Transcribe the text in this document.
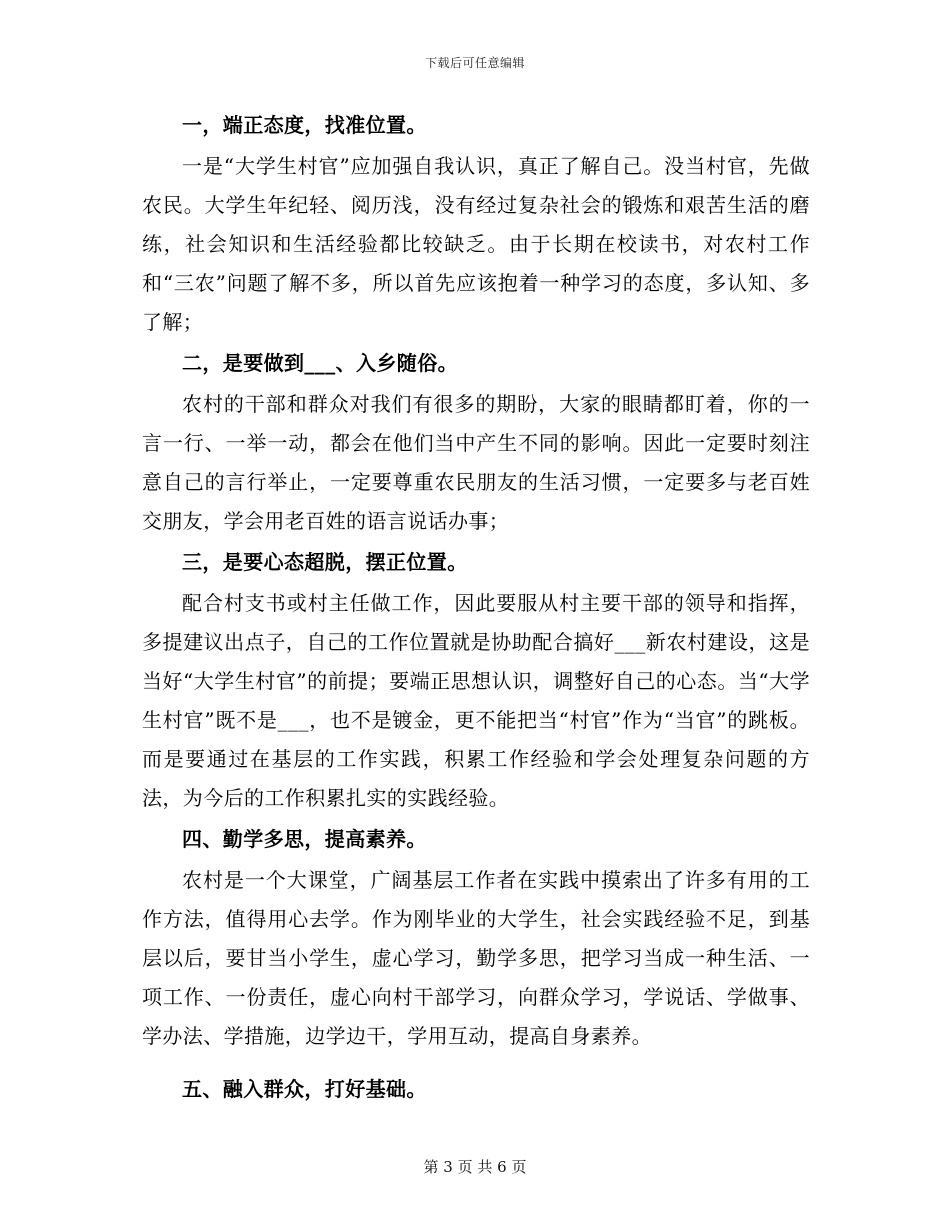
下载后可任意编辑

一，端正态度，找准位置。

一是“大学生村官”应加强自我认识，真正了解自己。没当村官，先做农民。大学生年纪轻、阅历浅，没有经过复杂社会的锻炼和艰苦生活的磨练，社会知识和生活经验都比较缺乏。由于长期在校读书，对农村工作和“三农”问题了解不多，所以首先应该抱着一种学习的态度，多认知、多了解；

二，是要做到___、入乡随俗。

农村的干部和群众对我们有很多的期盼，大家的眼睛都盯着，你的一言一行、一举一动，都会在他们当中产生不同的影响。因此一定要时刻注意自己的言行举止，一定要尊重农民朋友的生活习惯，一定要多与老百姓交朋友，学会用老百姓的语言说话办事；

三，是要心态超脱，摆正位置。

配合村支书或村主任做工作，因此要服从村主要干部的领导和指挥，多提建议出点子，自己的工作位置就是协助配合搞好___新农村建设，这是当好“大学生村官”的前提；要端正思想认识，调整好自己的心态。当“大学生村官”既不是___，也不是镀金，更不能把当“村官”作为“当官”的跳板。而是要通过在基层的工作实践，积累工作经验和学会处理复杂问题的方法，为今后的工作积累扎实的实践经验。

四、勤学多思，提高素养。

农村是一个大课堂，广阔基层工作者在实践中摸索出了许多有用的工作方法，值得用心去学。作为刚毕业的大学生，社会实践经验不足，到基层以后，要甘当小学生，虚心学习，勤学多思，把学习当成一种生活、一项工作、一份责任，虚心向村干部学习，向群众学习，学说话、学做事、学办法、学措施，边学边干，学用互动，提高自身素养。

五、融入群众，打好基础。

第 3 页 共 6 页
